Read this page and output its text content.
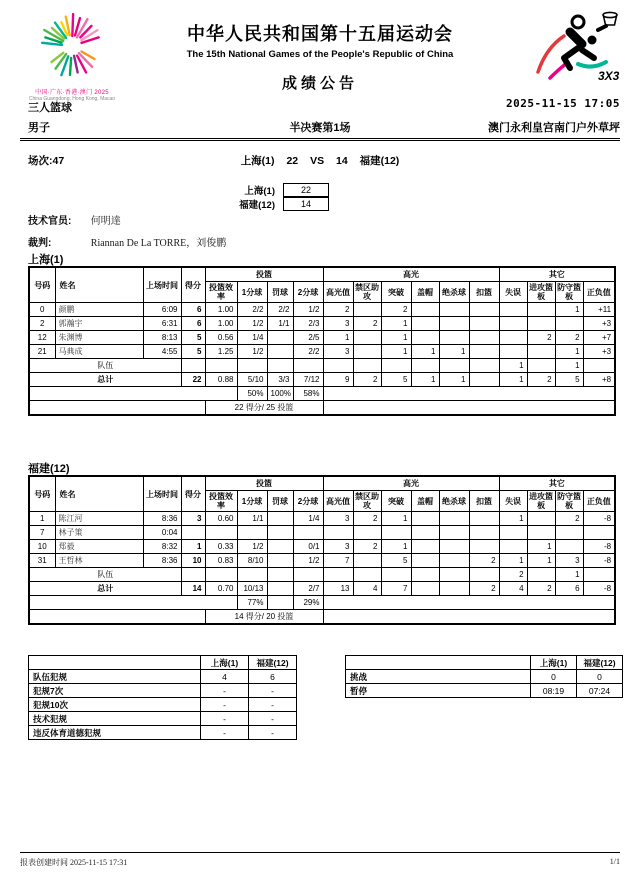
中国·广东·香港·澳门 2025
China Guangdong, Hong Kong, Macao
中华人民共和国第十五届运动会
The 15th National Games of the People's Republic of China
成绩公告	3X3
2025-11-15 17:05
三人篮球
男子	半决赛第1场	澳门永利皇宫南门户外草坪
场次:47	上海(1) 22 VS 14 福建(12)
上海(1)	22
福建(12)	14
技术官员: 何明達
裁判:	Riannan De La TORRE，刘俊鹏
上海(1)
号码	姓名	上场时间	得分	投篮				高光						其它			
				投篮效率	1分球	罚球	2分球	高光值	禁区助攻	突破	盖帽	绝杀球	扣篮	失误	进攻篮板	防守篮板	正负值
0	颜鹏	6:09	6	1.00	2/2	2/2	1/2	2		2						1	+11
2	郭瀚宇	6:31	6	1.00	1/2	1/1	2/3	3	2	1							+3
12	朱渊博	8:13	5	0.56	1/4		2/5	1		1					2	2	+7
21	马典成	4:55	5	1.25	1/2		2/2	3		1	1	1				1	+3
队伍														1		1	
总计			22	0.88	5/10	3/3	7/12	9	2	5	1	1		1	2	5	+8
					50%	100%	58%										
				22 得分/ 25 投篮													
福建(12)
号码	姓名	上场时间	得分	投篮				高光						其它			
				投篮效率	1分球	罚球	2分球	高光值	禁区助攻	突破	盖帽	绝杀球	扣篮	失误	进攻篮板	防守篮板	正负值
1	陈江河	8:36	3	0.60	1/1		1/4	3	2	1				1		2	-8
7	林子策	0:04															
10	郑毅	8:32	1	0.33	1/2		0/1	3	2	1					1		-8
31	王哲林	8:36	10	0.83	8/10		1/2	7		5			2	1	1	3	-8
队伍														2		1	
总计			14	0.70	10/13		2/7	13	4	7			2	4	2	6	-8
					77%		29%										
				14 得分/ 20 投篮													
	上海(1)	福建(12)
队伍犯规	4	6
犯规7次	-	-
犯规10次	-	-
技术犯规	-	-
违反体育道德犯规	-	-
	上海(1)	福建(12)
挑战	0	0
暂停	08:19	07:24
报表创建时间 2025-11-15 17:31	1/1
